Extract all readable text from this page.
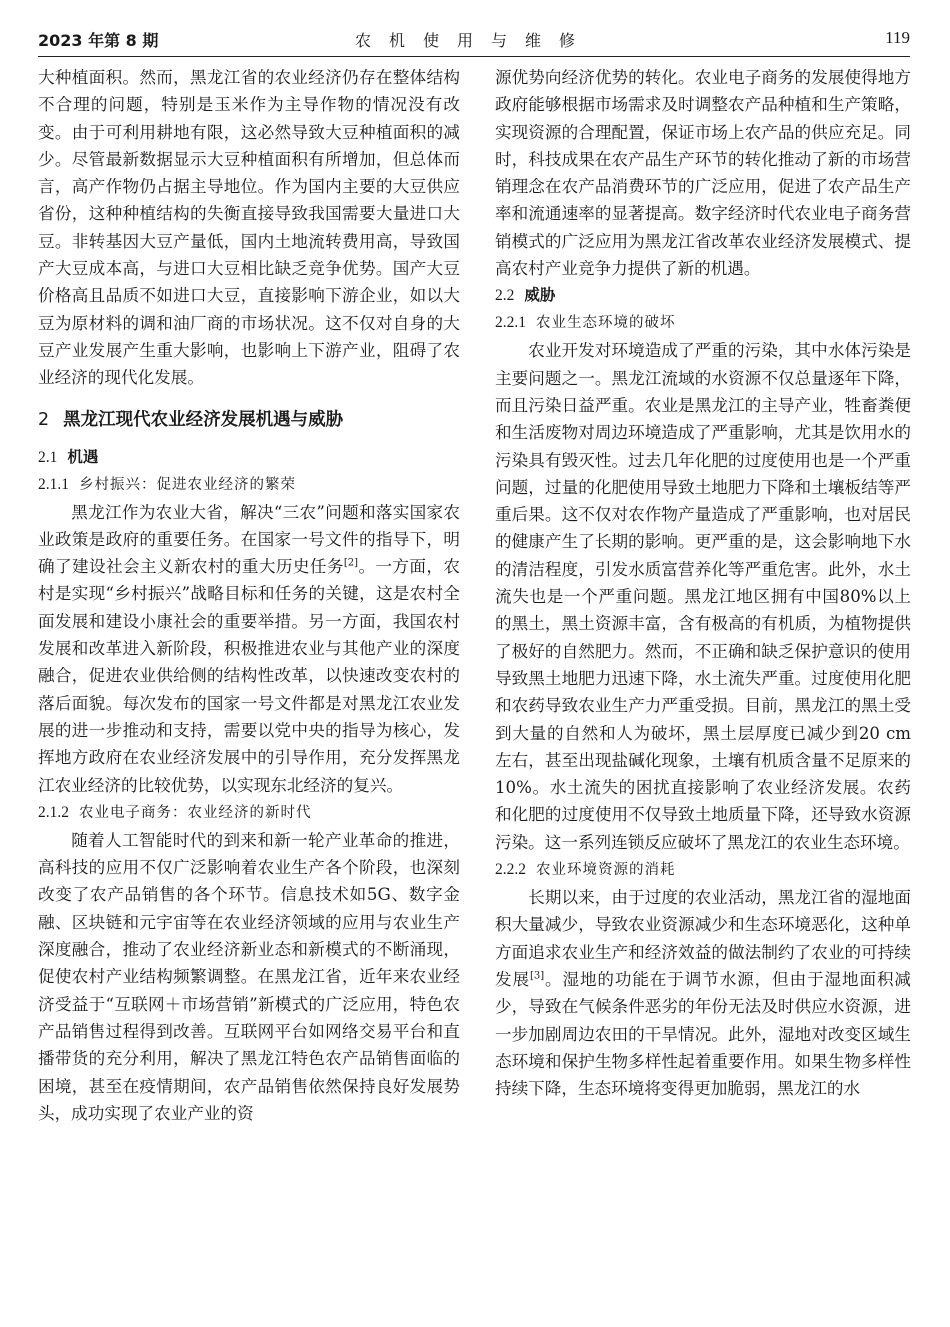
2023 年第 8 期	农机使用与维修	119

大种植面积。然而，黑龙江省的农业经济仍存在整体结构不合理的问题，特别是玉米作为主导作物的情况没有改变。由于可利用耕地有限，这必然导致大豆种植面积的减少。尽管最新数据显示大豆种植面积有所增加，但总体而言，高产作物仍占据主导地位。作为国内主要的大豆供应省份，这种种植结构的失衡直接导致我国需要大量进口大豆。非转基因大豆产量低，国内土地流转费用高，导致国产大豆成本高，与进口大豆相比缺乏竞争优势。国产大豆价格高且品质不如进口大豆，直接影响下游企业，如以大豆为原材料的调和油厂商的市场状况。这不仅对自身的大豆产业发展产生重大影响，也影响上下游产业，阻碍了农业经济的现代化发展。

2 黑龙江现代农业经济发展机遇与威胁
2.1 机遇
2.1.1 乡村振兴：促进农业经济的繁荣

黑龙江作为农业大省，解决“三农”问题和落实国家农业政策是政府的重要任务。在国家一号文件的指导下，明确了建设社会主义新农村的重大历史任务[2]。一方面，农村是实现“乡村振兴”战略目标和任务的关键，这是农村全面发展和建设小康社会的重要举措。另一方面，我国农村发展和改革进入新阶段，积极推进农业与其他产业的深度融合，促进农业供给侧的结构性改革，以快速改变农村的落后面貌。每次发布的国家一号文件都是对黑龙江农业发展的进一步推动和支持，需要以党中央的指导为核心，发挥地方政府在农业经济发展中的引导作用，充分发挥黑龙江农业经济的比较优势，以实现东北经济的复兴。

2.1.2 农业电子商务：农业经济的新时代

随着人工智能时代的到来和新一轮产业革命的推进，高科技的应用不仅广泛影响着农业生产各个阶段，也深刻改变了农产品销售的各个环节。信息技术如5G、数字金融、区块链和元宇宙等在农业经济领域的应用与农业生产深度融合，推动了农业经济新业态和新模式的不断涌现，促使农村产业结构频繁调整。在黑龙江省，近年来农业经济受益于“互联网＋市场营销”新模式的广泛应用，特色农产品销售过程得到改善。互联网平台如网络交易平台和直播带货的充分利用，解决了黑龙江特色农产品销售面临的困境，甚至在疫情期间，农产品销售依然保持良好发展势头，成功实现了农业产业的资

源优势向经济优势的转化。农业电子商务的发展使得地方政府能够根据市场需求及时调整农产品种植和生产策略，实现资源的合理配置，保证市场上农产品的供应充足。同时，科技成果在农产品生产环节的转化推动了新的市场营销理念在农产品消费环节的广泛应用，促进了农产品生产率和流通速率的显著提高。数字经济时代农业电子商务营销模式的广泛应用为黑龙江省改革农业经济发展模式、提高农村产业竞争力提供了新的机遇。

2.2 威胁
2.2.1 农业生态环境的破坏

农业开发对环境造成了严重的污染，其中水体污染是主要问题之一。黑龙江流域的水资源不仅总量逐年下降，而且污染日益严重。农业是黑龙江的主导产业，牲畜粪便和生活废物对周边环境造成了严重影响，尤其是饮用水的污染具有毁灭性。过去几年化肥的过度使用也是一个严重问题，过量的化肥使用导致土地肥力下降和土壤板结等严重后果。这不仅对农作物产量造成了严重影响，也对居民的健康产生了长期的影响。更严重的是，这会影响地下水的清洁程度，引发水质富营养化等严重危害。此外，水土流失也是一个严重问题。黑龙江地区拥有中国80%以上的黑土，黑土资源丰富，含有极高的有机质，为植物提供了极好的自然肥力。然而，不正确和缺乏保护意识的使用导致黑土地肥力迅速下降，水土流失严重。过度使用化肥和农药导致农业生产力严重受损。目前，黑龙江的黑土受到大量的自然和人为破坏，黑土层厚度已减少到20 cm左右，甚至出现盐碱化现象，土壤有机质含量不足原来的10%。水土流失的困扰直接影响了农业经济发展。农药和化肥的过度使用不仅导致土地质量下降，还导致水资源污染。这一系列连锁反应破坏了黑龙江的农业生态环境。

2.2.2 农业环境资源的消耗

长期以来，由于过度的农业活动，黑龙江省的湿地面积大量减少，导致农业资源减少和生态环境恶化，这种单方面追求农业生产和经济效益的做法制约了农业的可持续发展[3]。湿地的功能在于调节水源，但由于湿地面积减少，导致在气候条件恶劣的年份无法及时供应水资源，进一步加剧周边农田的干旱情况。此外，湿地对改变区域生态环境和保护生物多样性起着重要作用。如果生物多样性持续下降，生态环境将变得更加脆弱，黑龙江的水
